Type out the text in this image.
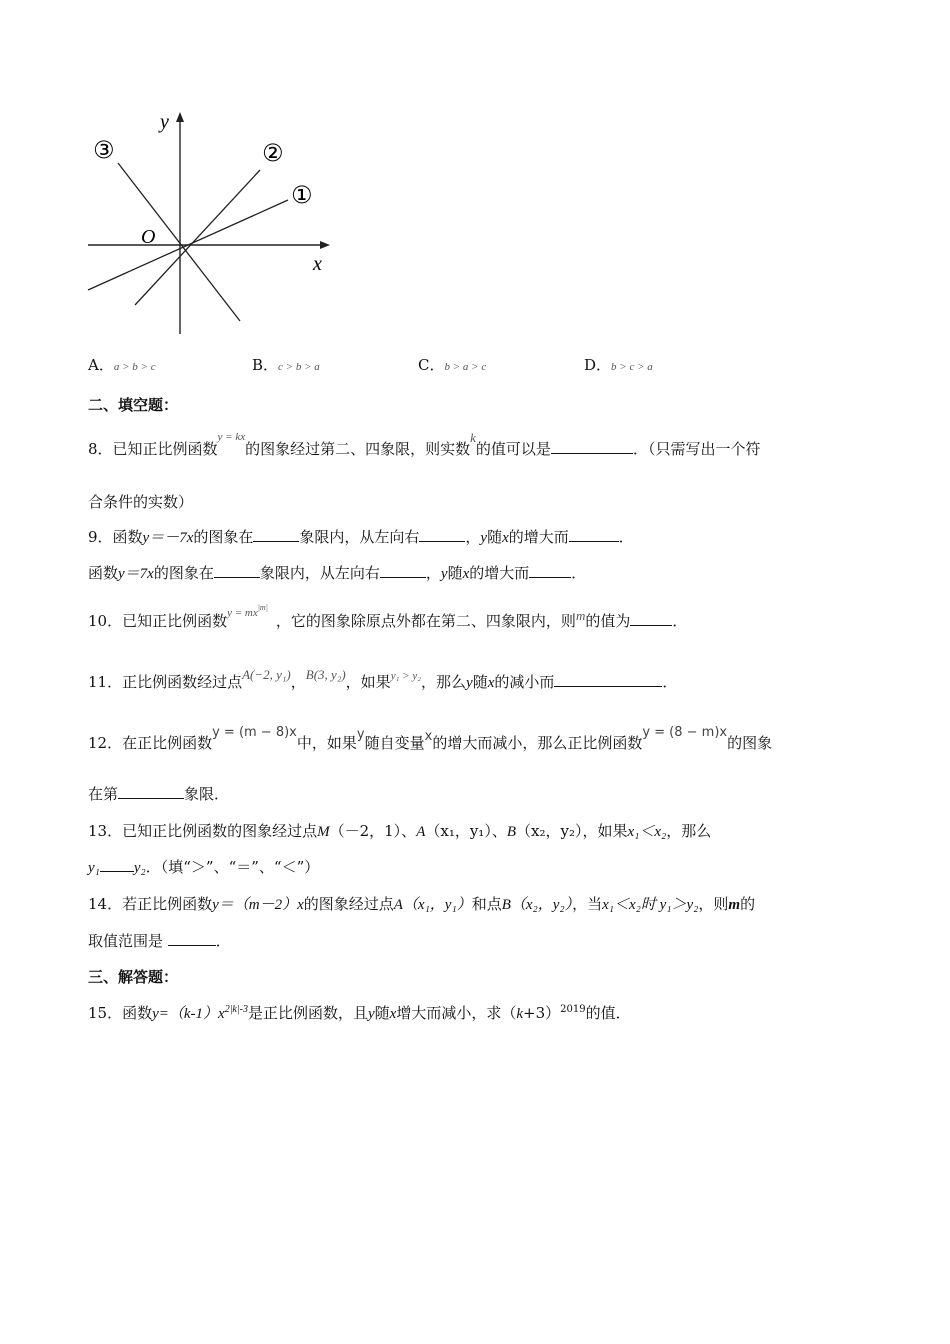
y
x
O
③	②
①
A．a > b > c	B．c > b > a	C．b > a > c	D．b > c > a
二、填空题：
8．已知正比例函数$^{y = kx}$的图象经过第二、四象限，则实数k的值可以是	．（只需写出一个符
合条件的实数）
9．函数y＝－7x的图象在	象限内，从左向右	，y随x的增大而	．
函数y＝7x的图象在	象限内，从左向右	，y随x的增大而	．
10．已知正比例函数$^{y = mx|m|}$，它的图象除原点外都在第二、四象限内，则m的值为	．
11．正比例函数经过点A(−2, y₁)，B(3, y₂)，如果$^{y_1 > y_2}$，那么y随x的减小而	．
12．在正比例函数y = (m − 8)x中，如果y随自变量x的增大而减小，那么正比例函数y = (8 − m)x的图象
在第	象限．
13．已知正比例函数的图象经过点M（－2，1）、A（x₁，y₁）、B（x₂，y₂），如果x₁＜x₂，那么
y₁ y₂．（填“＞”、“＝”、“＜”）
14．若正比例函数y＝（m－2）x的图象经过点A（x₁，y₁）和点B（x₂，y₂），当x₁＜x₂时 y₁＞y₂，则m的
取值范围是	．
三、解答题：
15．函数$y=(k-1)x^{2|k|-3}$是正比例函数，且y随x增大而减小，求$(k+3)^{2019}$的值．
